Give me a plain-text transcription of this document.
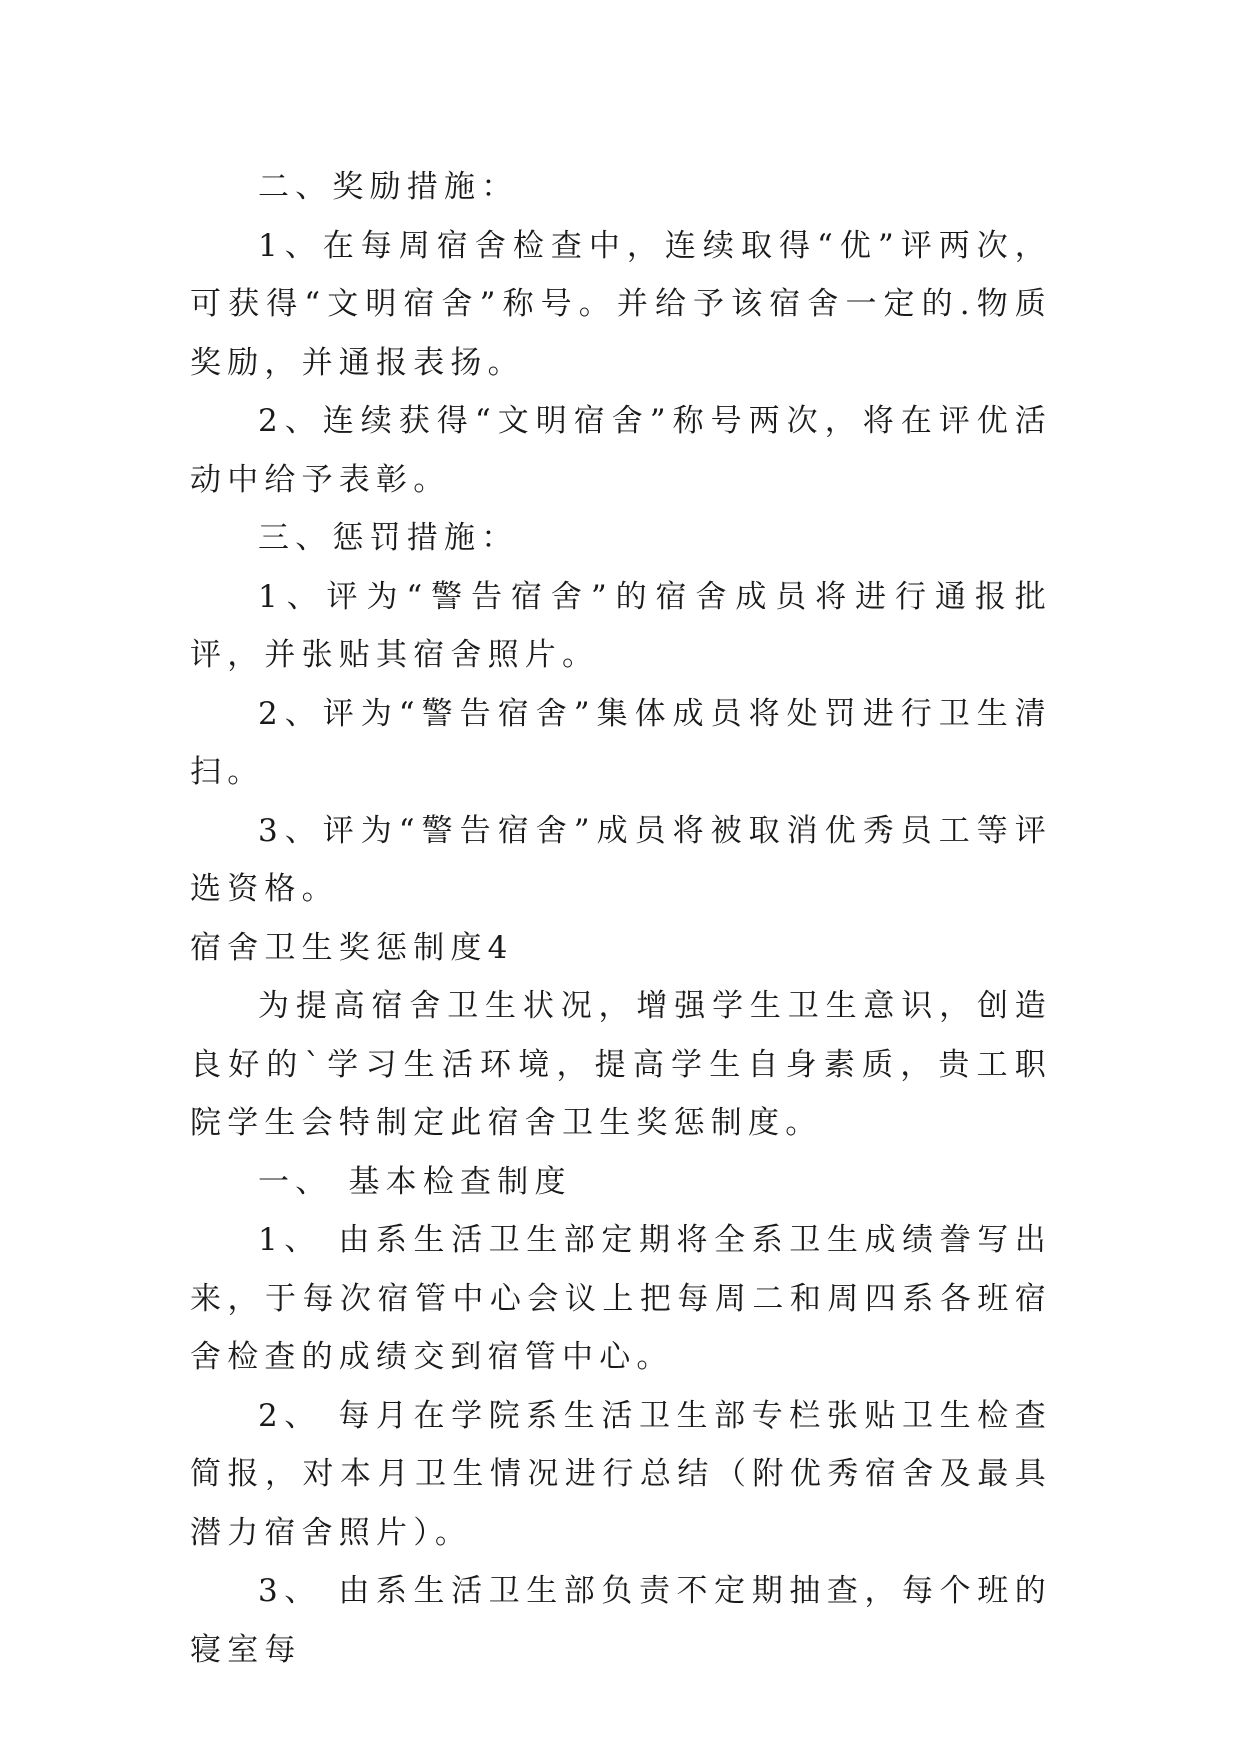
二、奖励措施：

1、在每周宿舍检查中，连续取得“优”评两次，可获得“文明宿舍”称号。并给予该宿舍一定的.物质奖励，并通报表扬。

2、连续获得“文明宿舍”称号两次，将在评优活动中给予表彰。

三、惩罚措施：

1、评为“警告宿舍”的宿舍成员将进行通报批评，并张贴其宿舍照片。

2、评为“警告宿舍”集体成员将处罚进行卫生清扫。

3、评为“警告宿舍”成员将被取消优秀员工等评选资格。

宿舍卫生奖惩制度4

为提高宿舍卫生状况，增强学生卫生意识，创造良好的`学习生活环境，提高学生自身素质，贵工职院学生会特制定此宿舍卫生奖惩制度。

一、 基本检查制度

1、 由系生活卫生部定期将全系卫生成绩誊写出来，于每次宿管中心会议上把每周二和周四系各班宿舍检查的成绩交到宿管中心。

2、 每月在学院系生活卫生部专栏张贴卫生检查简报，对本月卫生情况进行总结（附优秀宿舍及最具潜力宿舍照片）。

3、 由系生活卫生部负责不定期抽查，每个班的寝室每
